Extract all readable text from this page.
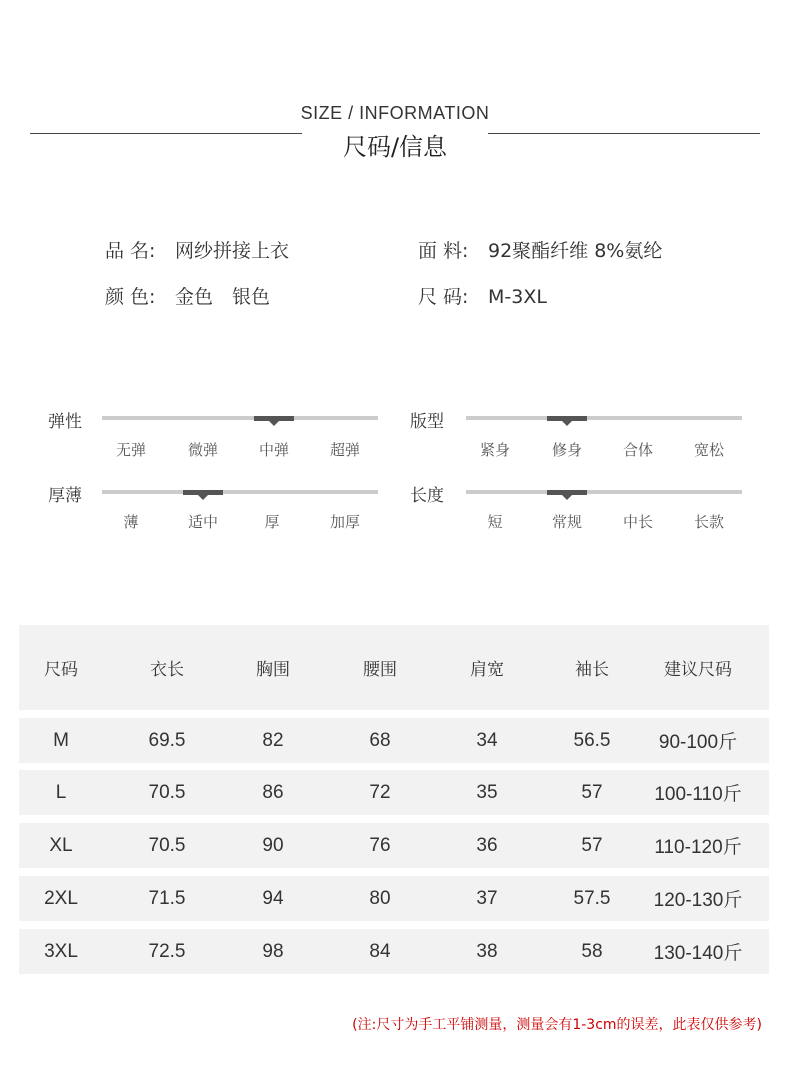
SIZE / INFORMATION
尺码/信息
品 名: 网纱拼接上衣	面 料: 92聚酯纤维 8%氨纶
颜 色: 金色　银色	尺 码: M-3XL
弹性
无弹	微弹	中弹	超弹
版型
紧身	修身	合体	宽松
厚薄
薄	适中	厚	加厚
长度
短	常规	中长	长款
尺码	衣长	胸围	腰围	肩宽	袖长	建议尺码
M	69.5	82	68	34	56.5	90-100斤
L	70.5	86	72	35	57	100-110斤
XL	70.5	90	76	36	57	110-120斤
2XL	71.5	94	80	37	57.5	120-130斤
3XL	72.5	98	84	38	58	130-140斤
(注:尺寸为手工平铺测量，测量会有1-3cm的误差，此表仅供参考)
